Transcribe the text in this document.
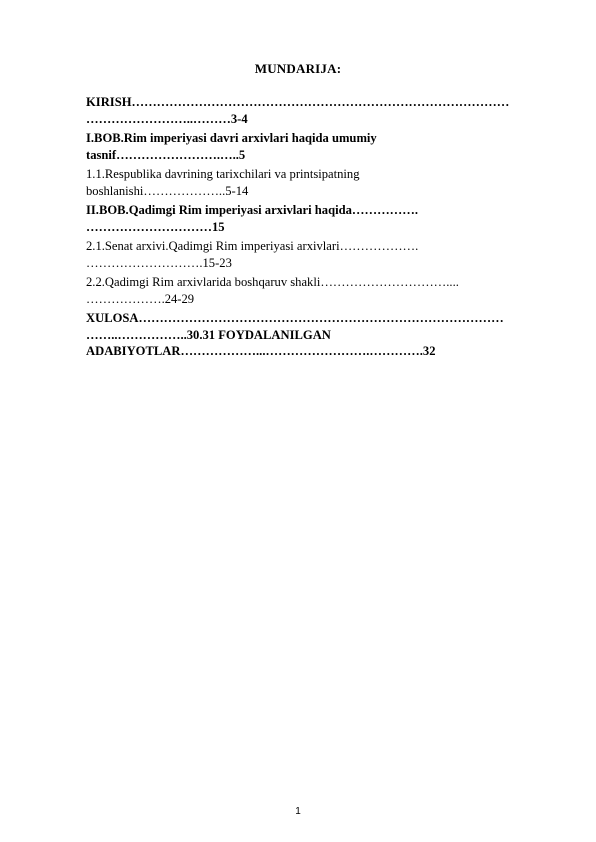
MUNDARIJA:
KIRISH………………………………………………………………………………
……………………..………3-4
I.BOB.Rim imperiyasi davri arxivlari haqida umumiy
tasnif…………………….…..5
1.1.Respublika davrining tarixchilari va printsipatning
boshlanishi………………..5-14
II.BOB.Qadimgi Rim imperiyasi arxivlari haqida…………….
…………………………15
2.1.Senat arxivi.Qadimgi Rim imperiyasi arxivlari……………….
……………………….15-23
2.2.Qadimgi Rim arxivlarida boshqaruv shakli…………………………....
……………….24-29
XULOSA……………………………………………………………………………
……..……………..30.31 FOYDALANILGAN
ADABIYOTLAR………………...…………………….………….32
1
